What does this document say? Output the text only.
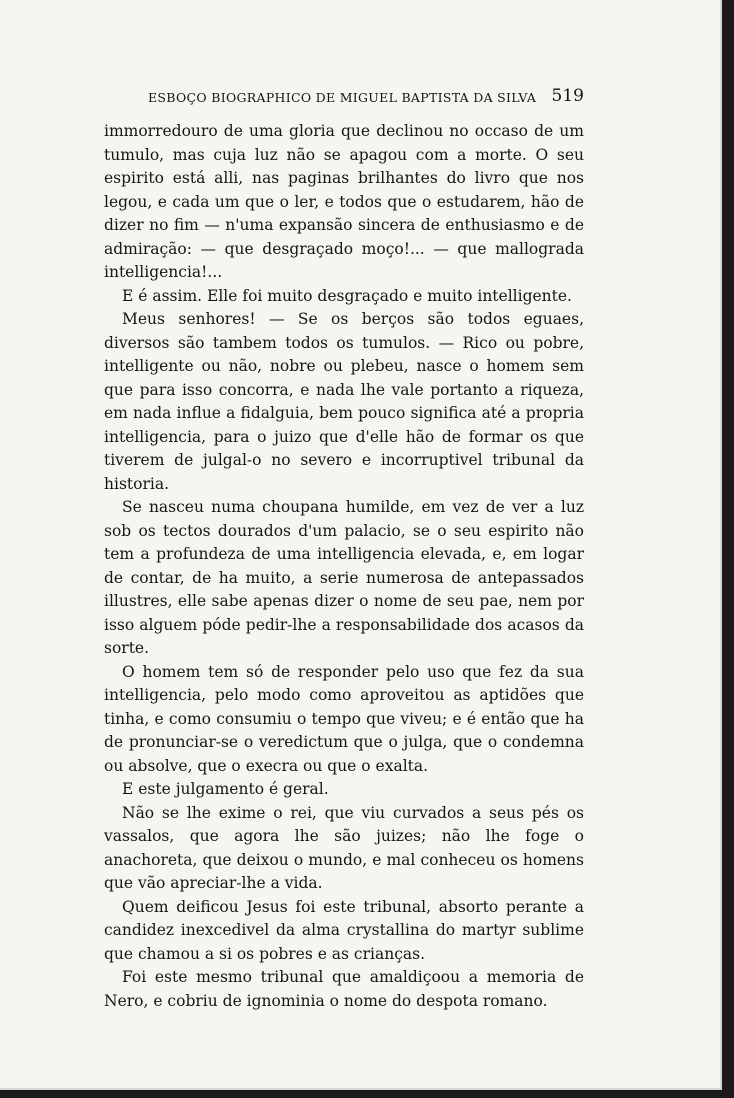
ESBOÇO BIOGRAPHICO DE MIGUEL BAPTISTA DA SILVA 519

immorredouro de uma gloria que declinou no occaso de um tumulo, mas cuja luz não se apagou com a morte. O seu espirito está alli, nas paginas brilhantes do livro que nos legou, e cada um que o ler, e todos que o estudarem, hão de dizer no fim — n'uma expansão sincera de enthusiasmo e de admiração: — que desgraçado moço!... — que mallograda intelligencia!...

E é assim. Elle foi muito desgraçado e muito intelligente.

Meus senhores! — Se os berços são todos eguaes, diversos são tambem todos os tumulos. — Rico ou pobre, intelligente ou não, nobre ou plebeu, nasce o homem sem que para isso concorra, e nada lhe vale portanto a riqueza, em nada influe a fidalguia, bem pouco significa até a propria intelligencia, para o juizo que d'elle hão de formar os que tiverem de julgal-o no severo e incorruptivel tribunal da historia.

Se nasceu numa choupana humilde, em vez de ver a luz sob os tectos dourados d'um palacio, se o seu espirito não tem a profundeza de uma intelligencia elevada, e, em logar de contar, de ha muito, a serie numerosa de antepassados illustres, elle sabe apenas dizer o nome de seu pae, nem por isso alguem póde pedir-lhe a responsabilidade dos acasos da sorte.

O homem tem só de responder pelo uso que fez da sua intelligencia, pelo modo como aproveitou as aptidões que tinha, e como consumiu o tempo que viveu; e é então que ha de pronunciar-se o veredictum que o julga, que o condemna ou absolve, que o execra ou que o exalta.

E este julgamento é geral.

Não se lhe exime o rei, que viu curvados a seus pés os vassalos, que agora lhe são juizes; não lhe foge o anachoreta, que deixou o mundo, e mal conheceu os homens que vão apreciar-lhe a vida.

Quem deificou Jesus foi este tribunal, absorto perante a candidez inexcedivel da alma crystallina do martyr sublime que chamou a si os pobres e as crianças.

Foi este mesmo tribunal que amaldiçoou a memoria de Nero, e cobriu de ignominia o nome do despota romano.
